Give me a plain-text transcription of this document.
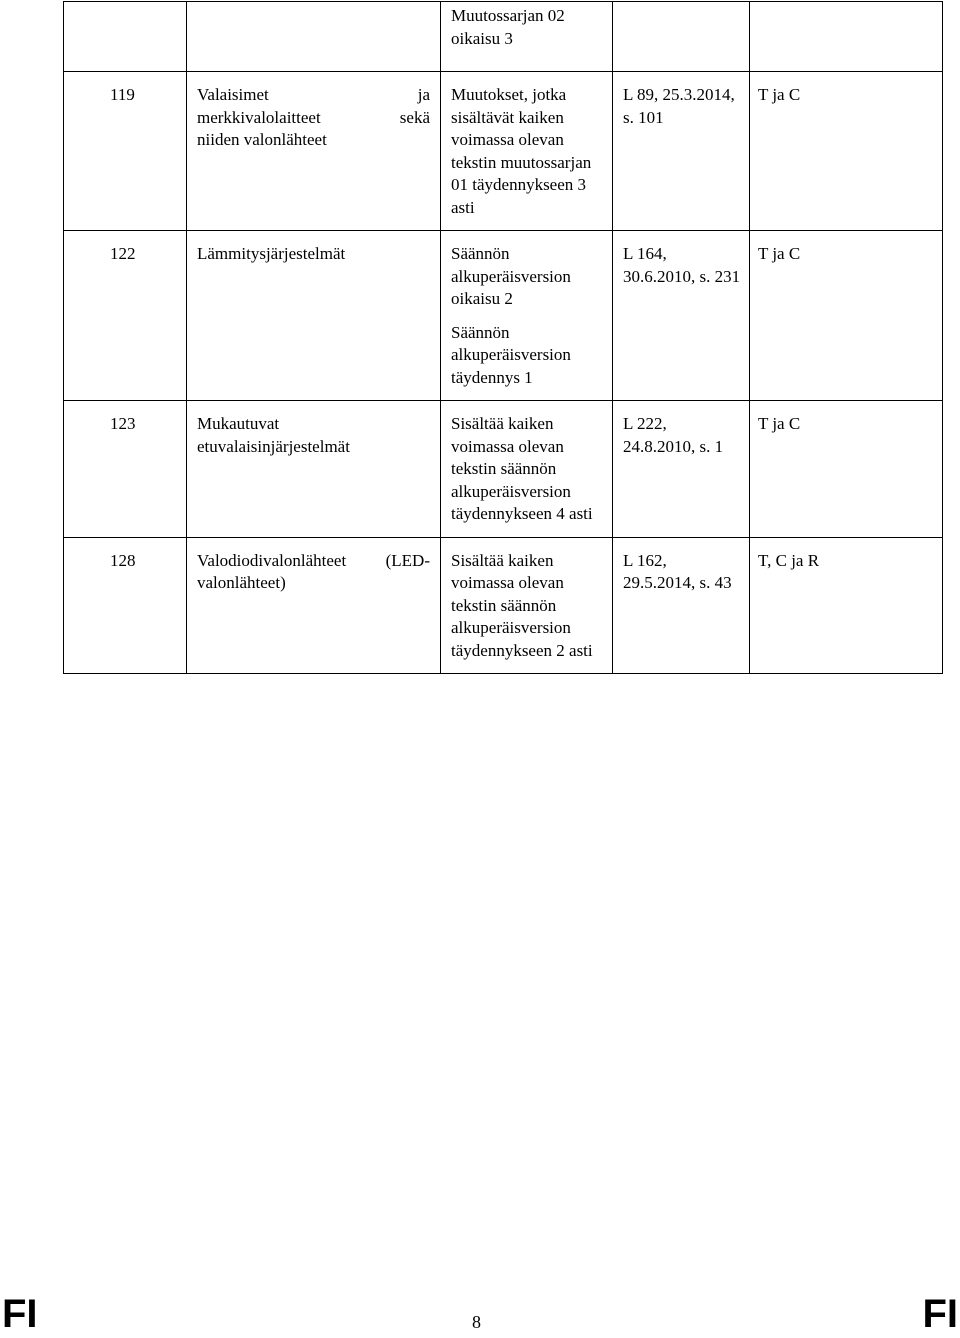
		Muutossarjan 02
oikaisu 3		

119	Valaisimet ja
merkkivalolaitteet sekä
niiden valonlähteet	Muutokset, jotka sisältävät kaiken voimassa olevan tekstin muutossarjan 01 täydennykseen 3 asti	L 89, 25.3.2014, s. 101	T ja C
122	Lämmitysjärjestelmät	Säännön alkuperäisversion oikaisu 2
Säännön alkuperäisversion täydennys 1	L 164, 30.6.2010, s. 231	T ja C
123	Mukautuvat etuvalaisinjärjestelmät	Sisältää kaiken voimassa olevan tekstin säännön alkuperäisversion täydennykseen 4 asti	L 222, 24.8.2010, s. 1	T ja C
128	Valodiodivalonlähteet (LED-valonlähteet)	Sisältää kaiken voimassa olevan tekstin säännön alkuperäisversion täydennykseen 2 asti	L 162, 29.5.2014, s. 43	T, C ja R
FI	8	FI
